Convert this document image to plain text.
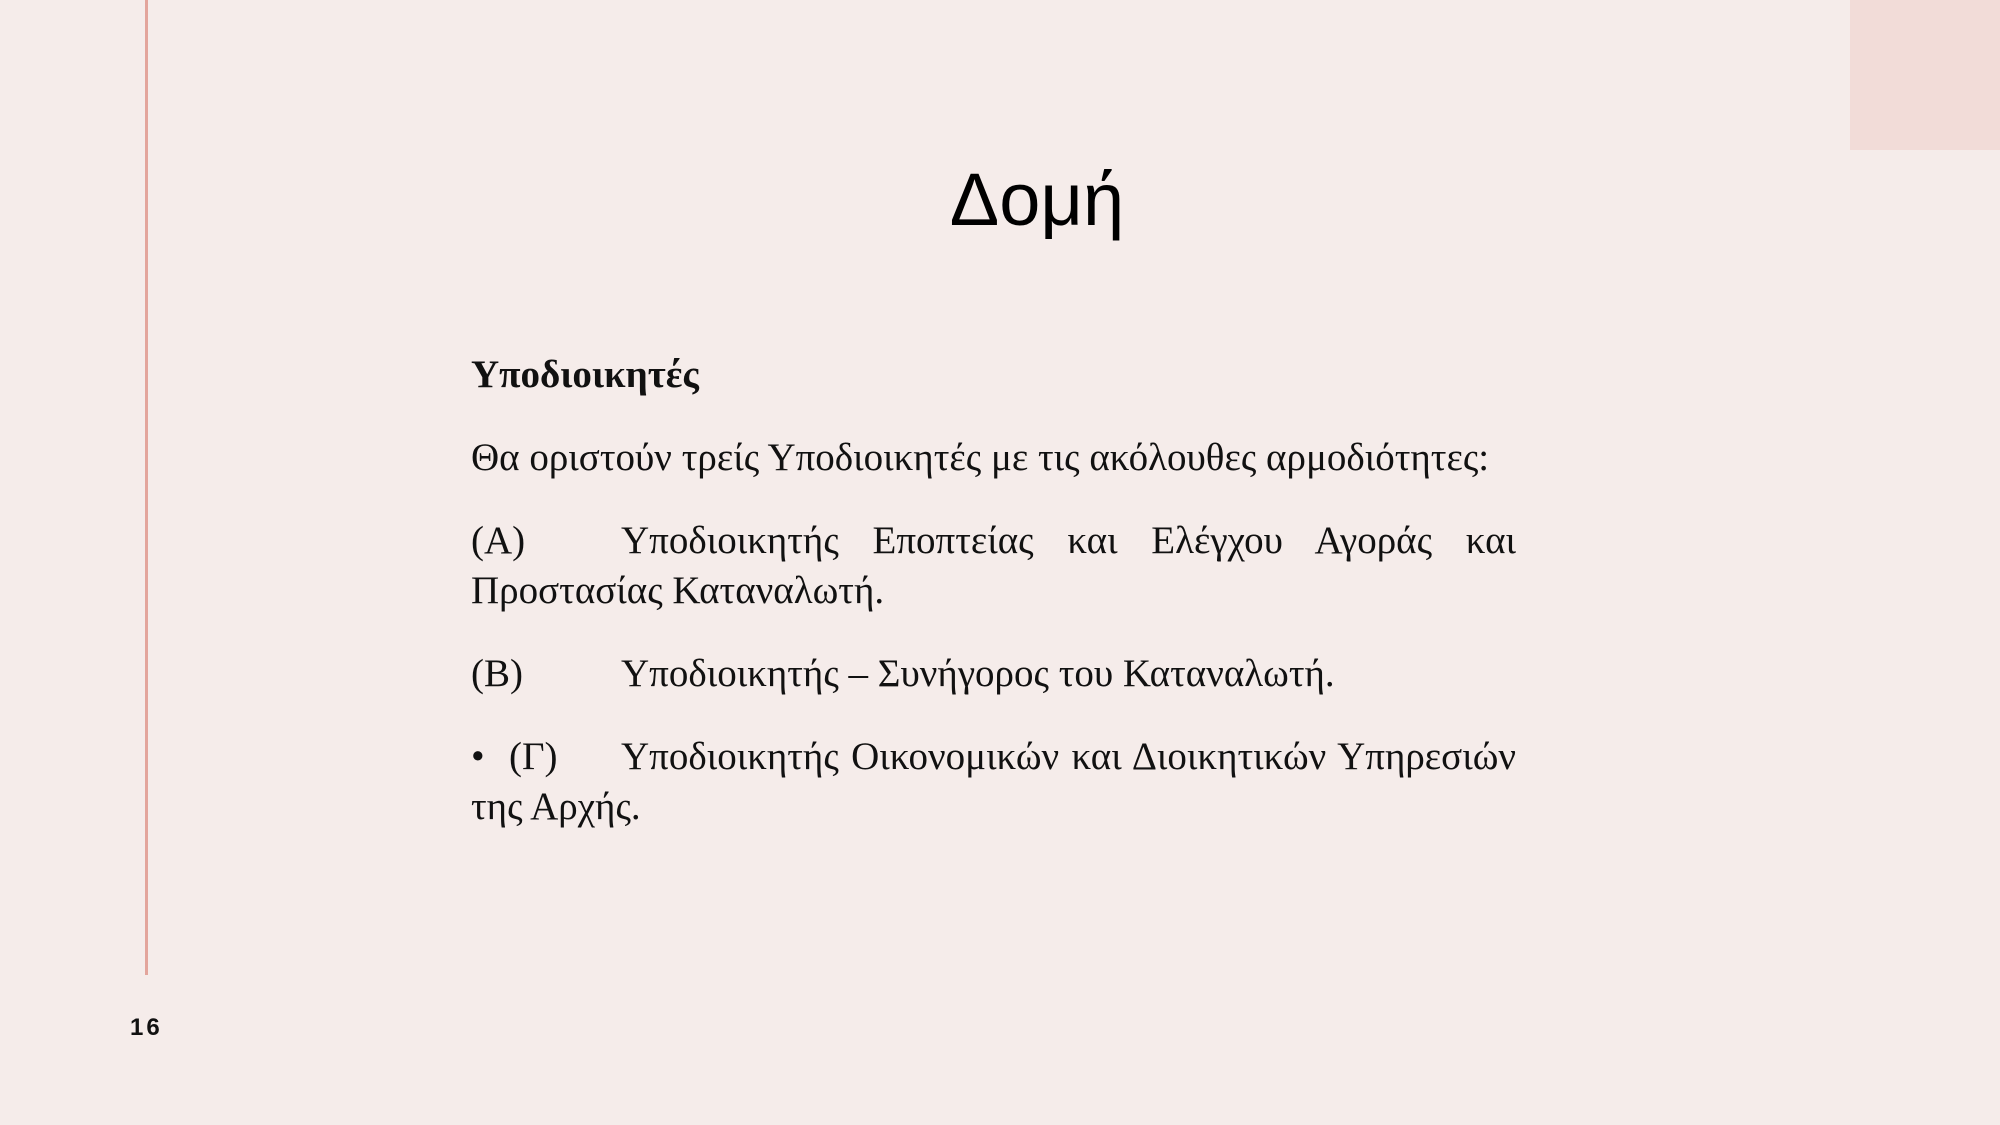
Δομή

Υποδιοικητές

Θα οριστούν τρείς Υποδιοικητές με τις ακόλουθες αρμοδιότητες:

(Α) Υποδιοικητής Εποπτείας και Ελέγχου Αγοράς και Προστασίας Καταναλωτή.

(Β)	Υποδιοικητής – Συνήγορος του Καταναλωτή.

• (Γ) Υποδιοικητής Οικονομικών και Διοικητικών Υπηρεσιών της Αρχής.

16
